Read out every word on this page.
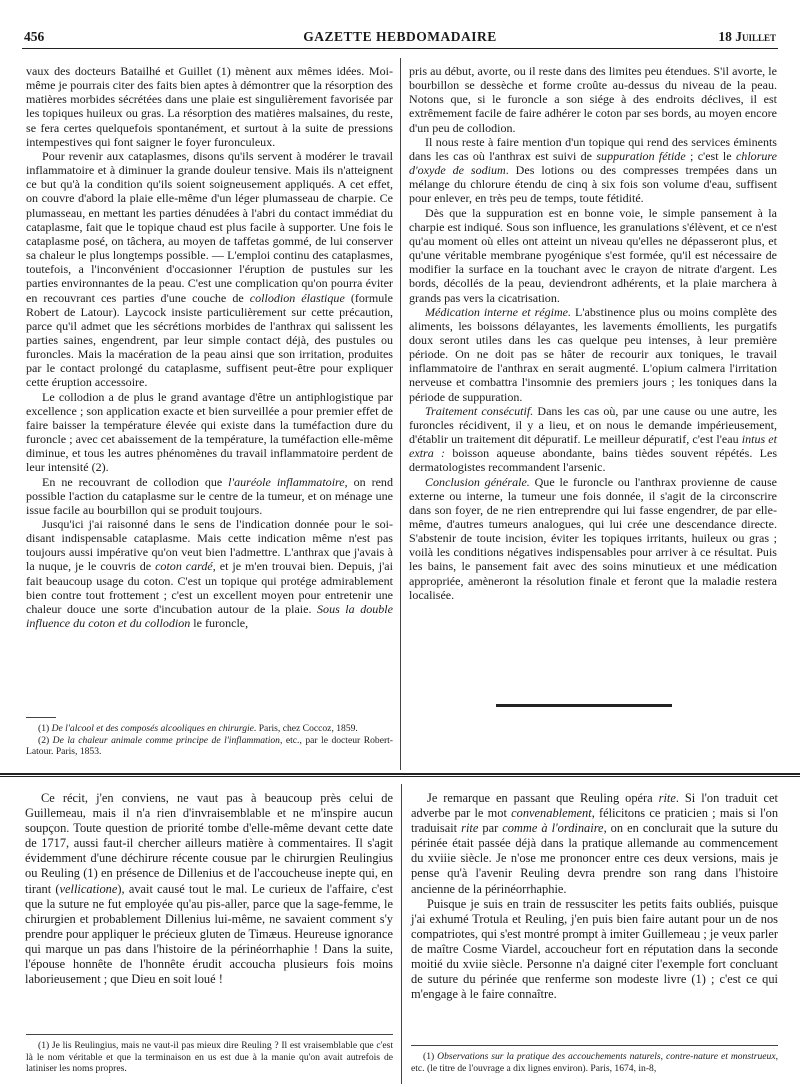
456	GAZETTE HEBDOMADAIRE	18 Juillet

vaux des docteurs Batailhé et Guillet (1) mènent aux mêmes idées. Moi-même je pourrais citer des faits bien aptes à démontrer que la résorption des matières morbides sécrétées dans une plaie est singulièrement favorisée par les topiques huileux ou gras. La résorption des matières malsaines, du reste, se fera certes quelquefois spontanément, et surtout à la suite de pressions intempestives qui font saigner le foyer furonculeux.

Pour revenir aux cataplasmes, disons qu'ils servent à modérer le travail inflammatoire et à diminuer la grande douleur tensive. Mais ils n'atteignent ce but qu'à la condition qu'ils soient soigneusement appliqués. A cet effet, on couvre d'abord la plaie elle-même d'un léger plumasseau de charpie. Ce plumasseau, en mettant les parties dénudées à l'abri du contact immédiat du cataplasme, fait que le topique chaud est plus facile à supporter. Une fois le cataplasme posé, on tâchera, au moyen de taffetas gommé, de lui conserver sa chaleur le plus longtemps possible. — L'emploi continu des cataplasmes, toutefois, a l'inconvénient d'occasionner l'éruption de pustules sur les parties environnantes de la peau. C'est une complication qu'on pourra éviter en recouvrant ces parties d'une couche de collodion élastique (formule Robert de Latour). Laycock insiste particulièrement sur cette précaution, parce qu'il admet que les sécrétions morbides de l'anthrax qui salissent les parties saines, engendrent, par leur simple contact déjà, des pustules ou furoncles. Mais la macération de la peau ainsi que son irritation, produites par le contact prolongé du cataplasme, suffisent peut-être pour expliquer cette éruption accessoire.

Le collodion a de plus le grand avantage d'être un antiphlogistique par excellence ; son application exacte et bien surveillée a pour premier effet de faire baisser la température élevée qui existe dans la tuméfaction dure du furoncle ; avec cet abaissement de la température, la tuméfaction elle-même diminue, et tous les autres phénomènes du travail inflammatoire perdent de leur intensité (2).

En ne recouvrant de collodion que l'auréole inflammatoire, on rend possible l'action du cataplasme sur le centre de la tumeur, et on ménage une issue facile au bourbillon qui se produit toujours.

Jusqu'ici j'ai raisonné dans le sens de l'indication donnée pour le soi-disant indispensable cataplasme. Mais cette indication même n'est pas toujours aussi impérative qu'on veut bien l'admettre. L'anthrax que j'avais à la nuque, je le couvris de coton cardé, et je m'en trouvai bien. Depuis, j'ai fait beaucoup usage du coton. C'est un topique qui protége admirablement bien contre tout frottement ; c'est un excellent moyen pour entretenir une chaleur douce une sorte d'incubation autour de la plaie. Sous la double influence du coton et du collodion le furoncle,

(1) De l'alcool et des composés alcooliques en chirurgie. Paris, chez Coccoz, 1859.

(2) De la chaleur animale comme principe de l'inflammation, etc., par le docteur Robert-Latour. Paris, 1853.

pris au début, avorte, ou il reste dans des limites peu étendues. S'il avorte, le bourbillon se dessèche et forme croûte au-dessus du niveau de la peau. Notons que, si le furoncle a son siége à des endroits déclives, il est extrêmement facile de faire adhérer le coton par ses bords, au moyen encore d'un peu de collodion.

Il nous reste à faire mention d'un topique qui rend des services éminents dans les cas où l'anthrax est suivi de suppuration fétide ; c'est le chlorure d'oxyde de sodium. Des lotions ou des compresses trempées dans un mélange du chlorure étendu de cinq à six fois son volume d'eau, suffisent pour enlever, en très peu de temps, toute fétidité.

Dès que la suppuration est en bonne voie, le simple pansement à la charpie est indiqué. Sous son influence, les granulations s'élèvent, et ce n'est qu'au moment où elles ont atteint un niveau qu'elles ne dépasseront plus, et qu'une véritable membrane pyogénique s'est formée, qu'il est nécessaire de modifier la surface en la touchant avec le crayon de nitrate d'argent. Les bords, décollés de la peau, deviendront adhérents, et la plaie marchera à grands pas vers la cicatrisation.

Médication interne et régime. L'abstinence plus ou moins complète des aliments, les boissons délayantes, les lavements émollients, les purgatifs doux seront utiles dans les cas quelque peu intenses, à leur première période. On ne doit pas se hâter de recourir aux toniques, le travail inflammatoire de l'anthrax en serait augmenté. L'opium calmera l'irritation nerveuse et combattra l'insomnie des premiers jours ; les toniques dans la période de suppuration.

Traitement consécutif. Dans les cas où, par une cause ou une autre, les furoncles récidivent, il y a lieu, et on nous le demande impérieusement, d'établir un traitement dit dépuratif. Le meilleur dépuratif, c'est l'eau intus et extra : boisson aqueuse abondante, bains tièdes souvent répétés. Les dermatologistes recommandent l'arsenic.

Conclusion générale. Que le furoncle ou l'anthrax provienne de cause externe ou interne, la tumeur une fois donnée, il s'agit de la circonscrire dans son foyer, de ne rien entreprendre qui lui fasse engendrer, de par elle-même, d'autres tumeurs analogues, qui lui crée une descendance directe. S'abstenir de toute incision, éviter les topiques irritants, huileux ou gras ; voilà les conditions négatives indispensables pour arriver à ce résultat. Puis les bains, le pansement fait avec des soins minutieux et une médication appropriée, amèneront la résolution finale et feront que la maladie restera localisée.

Ce récit, j'en conviens, ne vaut pas à beaucoup près celui de Guillemeau, mais il n'a rien d'invraisemblable et ne m'inspire aucun soupçon. Toute question de priorité tombe d'elle-même devant cette date de 1717, aussi faut-il chercher ailleurs matière à commentaires. Il s'agit évidemment d'une déchirure récente cousue par le chirurgien Reulingius ou Reuling (1) en présence de Dillenius et de l'accoucheuse inepte qui, en tirant (vellicatione), avait causé tout le mal. Le curieux de l'affaire, c'est que la suture ne fut employée qu'au pis-aller, parce que la sage-femme, le chirurgien et probablement Dillenius lui-même, ne savaient comment s'y prendre pour appliquer le précieux gluten de Timæus. Heureuse ignorance qui marque un pas dans l'histoire de la périnéorrhaphie ! Dans la suite, l'épouse honnête de l'honnête érudit accoucha plusieurs fois moins laborieusement ; que Dieu en soit loué !

(1) Je lis Reulingius, mais ne vaut-il pas mieux dire Reuling ? Il est vraisemblable que c'est là le nom véritable et que la terminaison en us est due à la manie qu'on avait autrefois de latiniser les noms propres.

Je remarque en passant que Reuling opéra rite. Si l'on traduit cet adverbe par le mot convenablement, félicitons ce praticien ; mais si l'on traduisait rite par comme à l'ordinaire, on en conclurait que la suture du périnée était passée déjà dans la pratique allemande au commencement du xviiie siècle. Je n'ose me prononcer entre ces deux versions, mais je pense qu'à l'avenir Reuling devra prendre son rang dans l'histoire ancienne de la périnéorrhaphie.

Puisque je suis en train de ressusciter les petits faits oubliés, puisque j'ai exhumé Trotula et Reuling, j'en puis bien faire autant pour un de nos compatriotes, qui s'est montré prompt à imiter Guillemeau ; je veux parler de maître Cosme Viardel, accoucheur fort en réputation dans la seconde moitié du xviie siècle. Personne n'a daigné citer l'exemple fort concluant de suture du périnée que renferme son modeste livre (1) ; c'est ce qui m'engage à le faire connaître.

(1) Observations sur la pratique des accouchements naturels, contre-nature et monstrueux, etc. (le titre de l'ouvrage a dix lignes environ). Paris, 1674, in-8,
